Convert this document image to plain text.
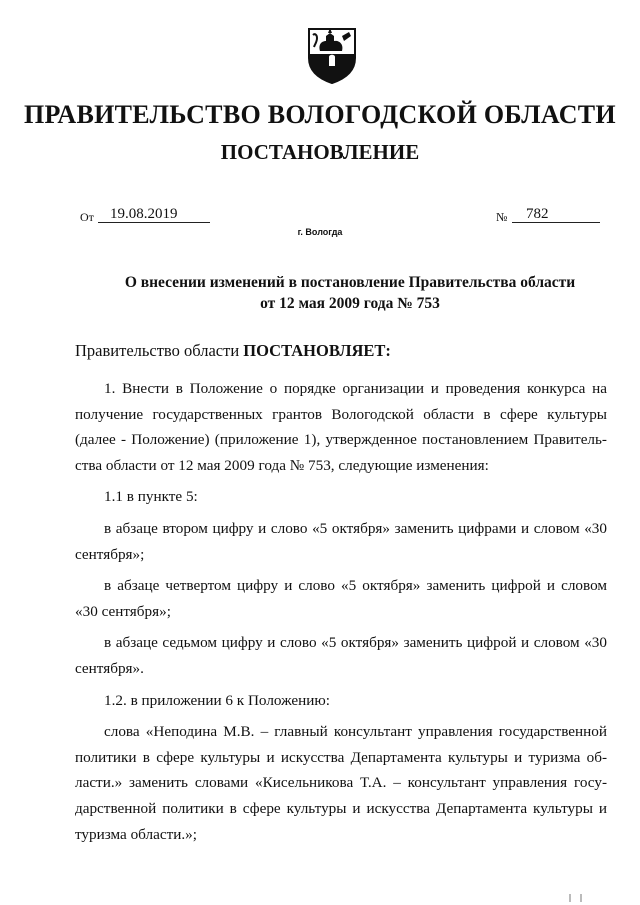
ПРАВИТЕЛЬСТВО ВОЛОГОДСКОЙ ОБЛАСТИ
ПОСТАНОВЛЕНИЕ
От	19.08.2019	№	782
г. Вологда
О внесении изменений в постановление Правительства области
от 12 мая 2009 года № 753
Правительство области ПОСТАНОВЛЯЕТ:
1. Внести в Положение о порядке организации и проведения конкурса на
получение государственных грантов Вологодской области в сфере культуры
(далее - Положение) (приложение 1), утвержденное постановлением Правитель-
ства области от 12 мая 2009 года № 753, следующие изменения:
1.1 в пункте 5:
в абзаце втором цифру и слово «5 октября» заменить цифрами и словом «30
сентября»;
в абзаце четвертом цифру и слово «5 октября» заменить цифрой и словом
«30 сентября»;
в абзаце седьмом цифру и слово «5 октября» заменить цифрой и словом «30
сентября».
1.2. в приложении 6 к Положению:
слова «Неподина М.В. – главный консультант управления государственной
политики в сфере культуры и искусства Департамента культуры и туризма об-
ласти.» заменить словами «Кисельникова Т.А. – консультант управления госу-
дарственной политики в сфере культуры и искусства Департамента культуры и
туризма области.»;
